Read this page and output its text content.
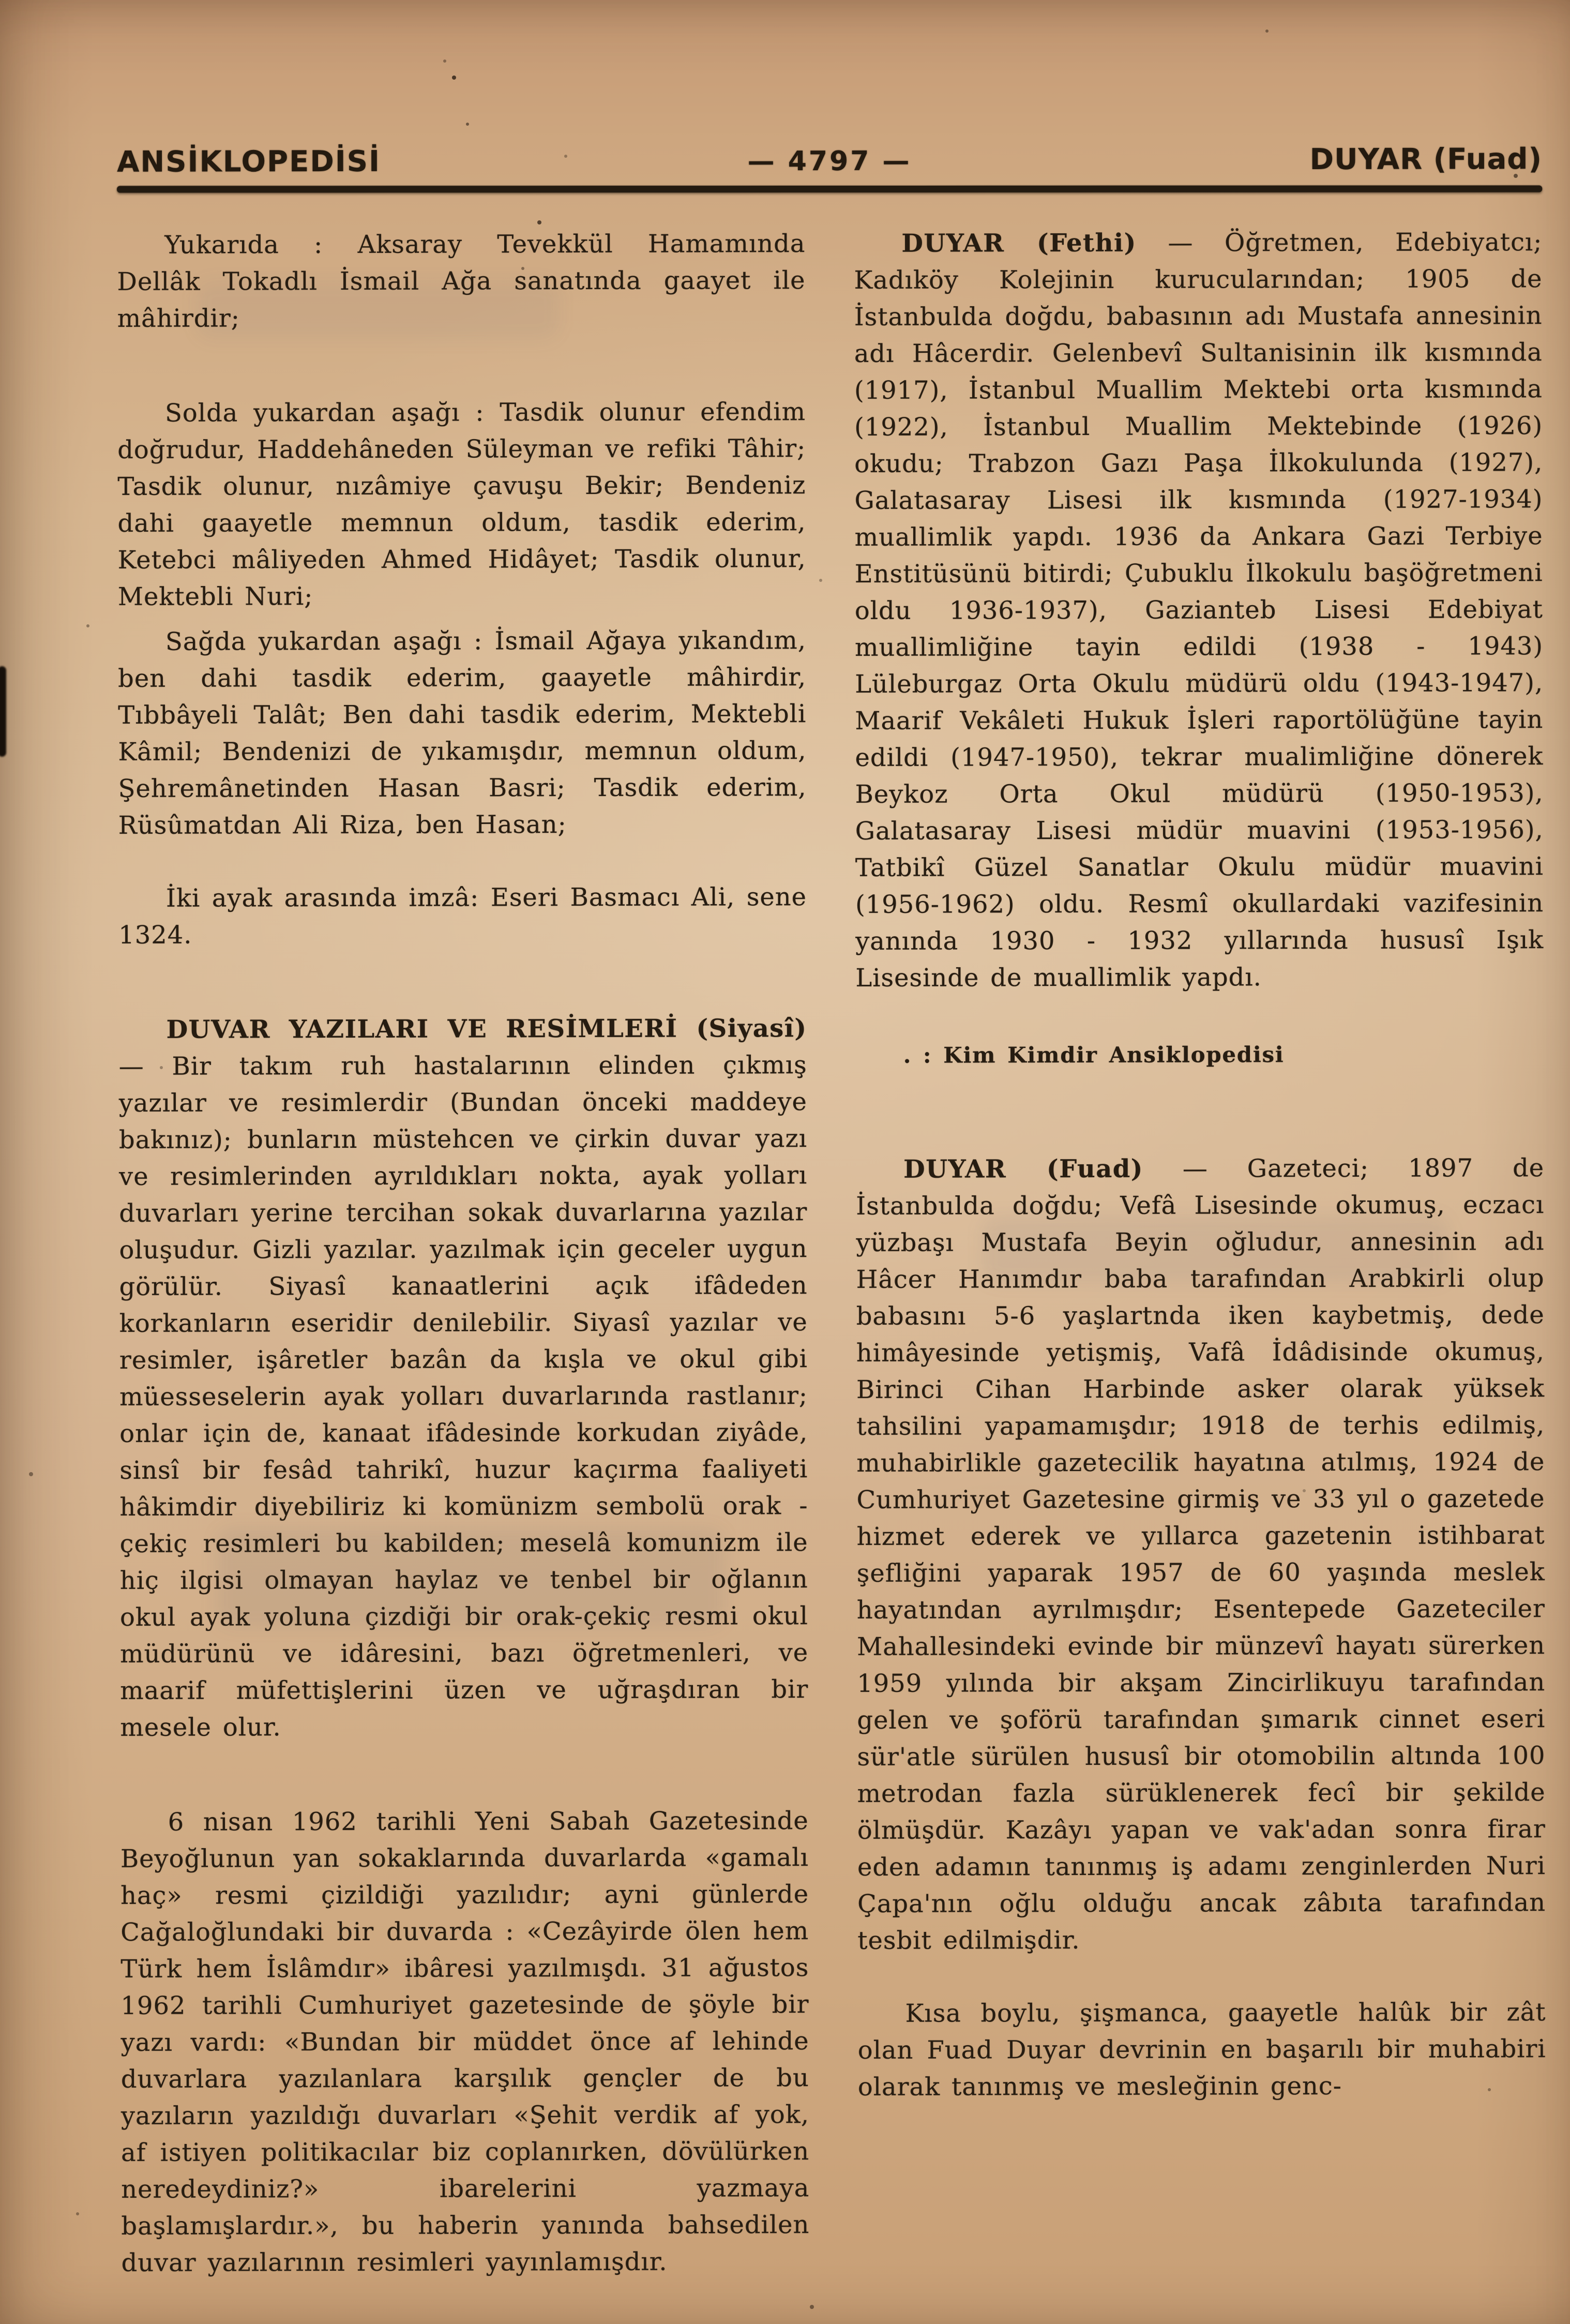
ANSİKLOPEDİSİ	— 4797 —	DUYAR (Fuad)

Yukarıda : Aksaray Tevekkül Hamamında Dellâk Tokadlı İsmail Ağa sanatında gaayet ile mâhirdir;

Solda yukardan aşağı : Tasdik olunur efendim doğrudur, Haddehâneden Süleyman ve refiki Tâhir; Tasdik olunur, nızâmiye çavuşu Bekir; Bendeniz dahi gaayetle memnun oldum, tasdik ederim, Ketebci mâliyeden Ahmed Hidâyet; Tasdik olunur, Mektebli Nuri;

Sağda yukardan aşağı : İsmail Ağaya yıkandım, ben dahi tasdik ederim, gaayetle mâhirdir, Tıbbâyeli Talât; Ben dahi tasdik ederim, Mektebli Kâmil; Bendenizi de yıkamışdır, memnun oldum, Şehremânetinden Hasan Basri; Tasdik ederim, Rüsûmatdan Ali Riza, ben Hasan;

İki ayak arasında imzâ: Eseri Basmacı Ali, sene 1324.

DUVAR YAZILARI VE RESİMLERİ (Siyasî) — Bir takım ruh hastalarının elinden çıkmış yazılar ve resimlerdir (Bundan önceki maddeye bakınız); bunların müstehcen ve çirkin duvar yazı ve resimlerinden ayrıldıkları nokta, ayak yolları duvarları yerine tercihan sokak duvarlarına yazılar oluşudur. Gizli yazılar. yazılmak için geceler uygun görülür. Siyasî kanaatlerini açık ifâdeden korkanların eseridir denilebilir. Siyasî yazılar ve resimler, işâretler bazân da kışla ve okul gibi müesseselerin ayak yolları duvarlarında rastlanır; onlar için de, kanaat ifâdesinde korkudan ziyâde, sinsî bir fesâd tahrikî, huzur kaçırma faaliyeti hâkimdir diyebiliriz ki komünizm sembolü orak - çekiç resimleri bu kabilden; meselâ komunizm ile hiç ilgisi olmayan haylaz ve tenbel bir oğlanın okul ayak yoluna çizdiği bir orak-çekiç resmi okul müdürünü ve idâresini, bazı öğretmenleri, ve maarif müfettişlerini üzen ve uğraşdıran bir mesele olur.

6 nisan 1962 tarihli Yeni Sabah Gazetesinde Beyoğlunun yan sokaklarında duvarlarda «gamalı haç» resmi çizildiği yazılıdır; ayni günlerde Cağaloğlundaki bir duvarda : «Cezâyirde ölen hem Türk hem İslâmdır» ibâresi yazılmışdı. 31 ağustos 1962 tarihli Cumhuriyet gazetesinde de şöyle bir yazı vardı: «Bundan bir müddet önce af lehinde duvarlara yazılanlara karşılık gençler de bu yazıların yazıldığı duvarları «Şehit verdik af yok, af istiyen politikacılar biz coplanırken, dövülürken neredeydiniz?» ibarelerini yazmaya başlamışlardır.», bu haberin yanında bahsedilen duvar yazılarının resimleri yayınlamışdır.

DUYAR (Fethi) — Öğretmen, Edebiyatcı; Kadıköy Kolejinin kurucularından; 1905 de İstanbulda doğdu, babasının adı Mustafa annesinin adı Hâcerdir. Gelenbevî Sultanisinin ilk kısmında (1917), İstanbul Muallim Mektebi orta kısmında (1922), İstanbul Muallim Mektebinde (1926) okudu; Trabzon Gazı Paşa İlkokulunda (1927), Galatasaray Lisesi ilk kısmında (1927-1934) muallimlik yapdı. 1936 da Ankara Gazi Terbiye Enstitüsünü bitirdi; Çubuklu İlkokulu başöğretmeni oldu 1936-1937), Gazianteb Lisesi Edebiyat muallimliğine tayin edildi (1938 - 1943) Lüleburgaz Orta Okulu müdürü oldu (1943-1947), Maarif Vekâleti Hukuk İşleri raportölüğüne tayin edildi (1947-1950), tekrar mualimliğine dönerek Beykoz Orta Okul müdürü (1950-1953), Galatasaray Lisesi müdür muavini (1953-1956), Tatbikî Güzel Sanatlar Okulu müdür muavini (1956-1962) oldu. Resmî okullardaki vazifesinin yanında 1930 - 1932 yıllarında hususî Işık Lisesinde de muallimlik yapdı.

. : Kim Kimdir Ansiklopedisi

DUYAR (Fuad) — Gazeteci; 1897 de İstanbulda doğdu; Vefâ Lisesinde okumuş, eczacı yüzbaşı Mustafa Beyin oğludur, annesinin adı Hâcer Hanımdır baba tarafından Arabkirli olup babasını 5-6 yaşlartnda iken kaybetmiş, dede himâyesinde yetişmiş, Vafâ İdâdisinde okumuş, Birinci Cihan Harbinde asker olarak yüksek tahsilini yapamamışdır; 1918 de terhis edilmiş, muhabirlikle gazetecilik hayatına atılmış, 1924 de Cumhuriyet Gazetesine girmiş ve 33 yıl o gazetede hizmet ederek ve yıllarca gazetenin istihbarat şefliğini yaparak 1957 de 60 yaşında meslek hayatından ayrılmışdır; Esentepede Gazeteciler Mahallesindeki evinde bir münzevî hayatı sürerken 1959 yılında bir akşam Zincirlikuyu tarafından gelen ve şoförü tarafından şımarık cinnet eseri sür'atle sürülen hususî bir otomobilin altında 100 metrodan fazla sürüklenerek fecî bir şekilde ölmüşdür. Kazâyı yapan ve vak'adan sonra firar eden adamın tanınmış iş adamı zenginlerden Nuri Çapa'nın oğlu olduğu ancak zâbıta tarafından tesbit edilmişdir.

Kısa boylu, şişmanca, gaayetle halûk bir zât olan Fuad Duyar devrinin en başarılı bir muhabiri olarak tanınmış ve mesleğinin genc-
